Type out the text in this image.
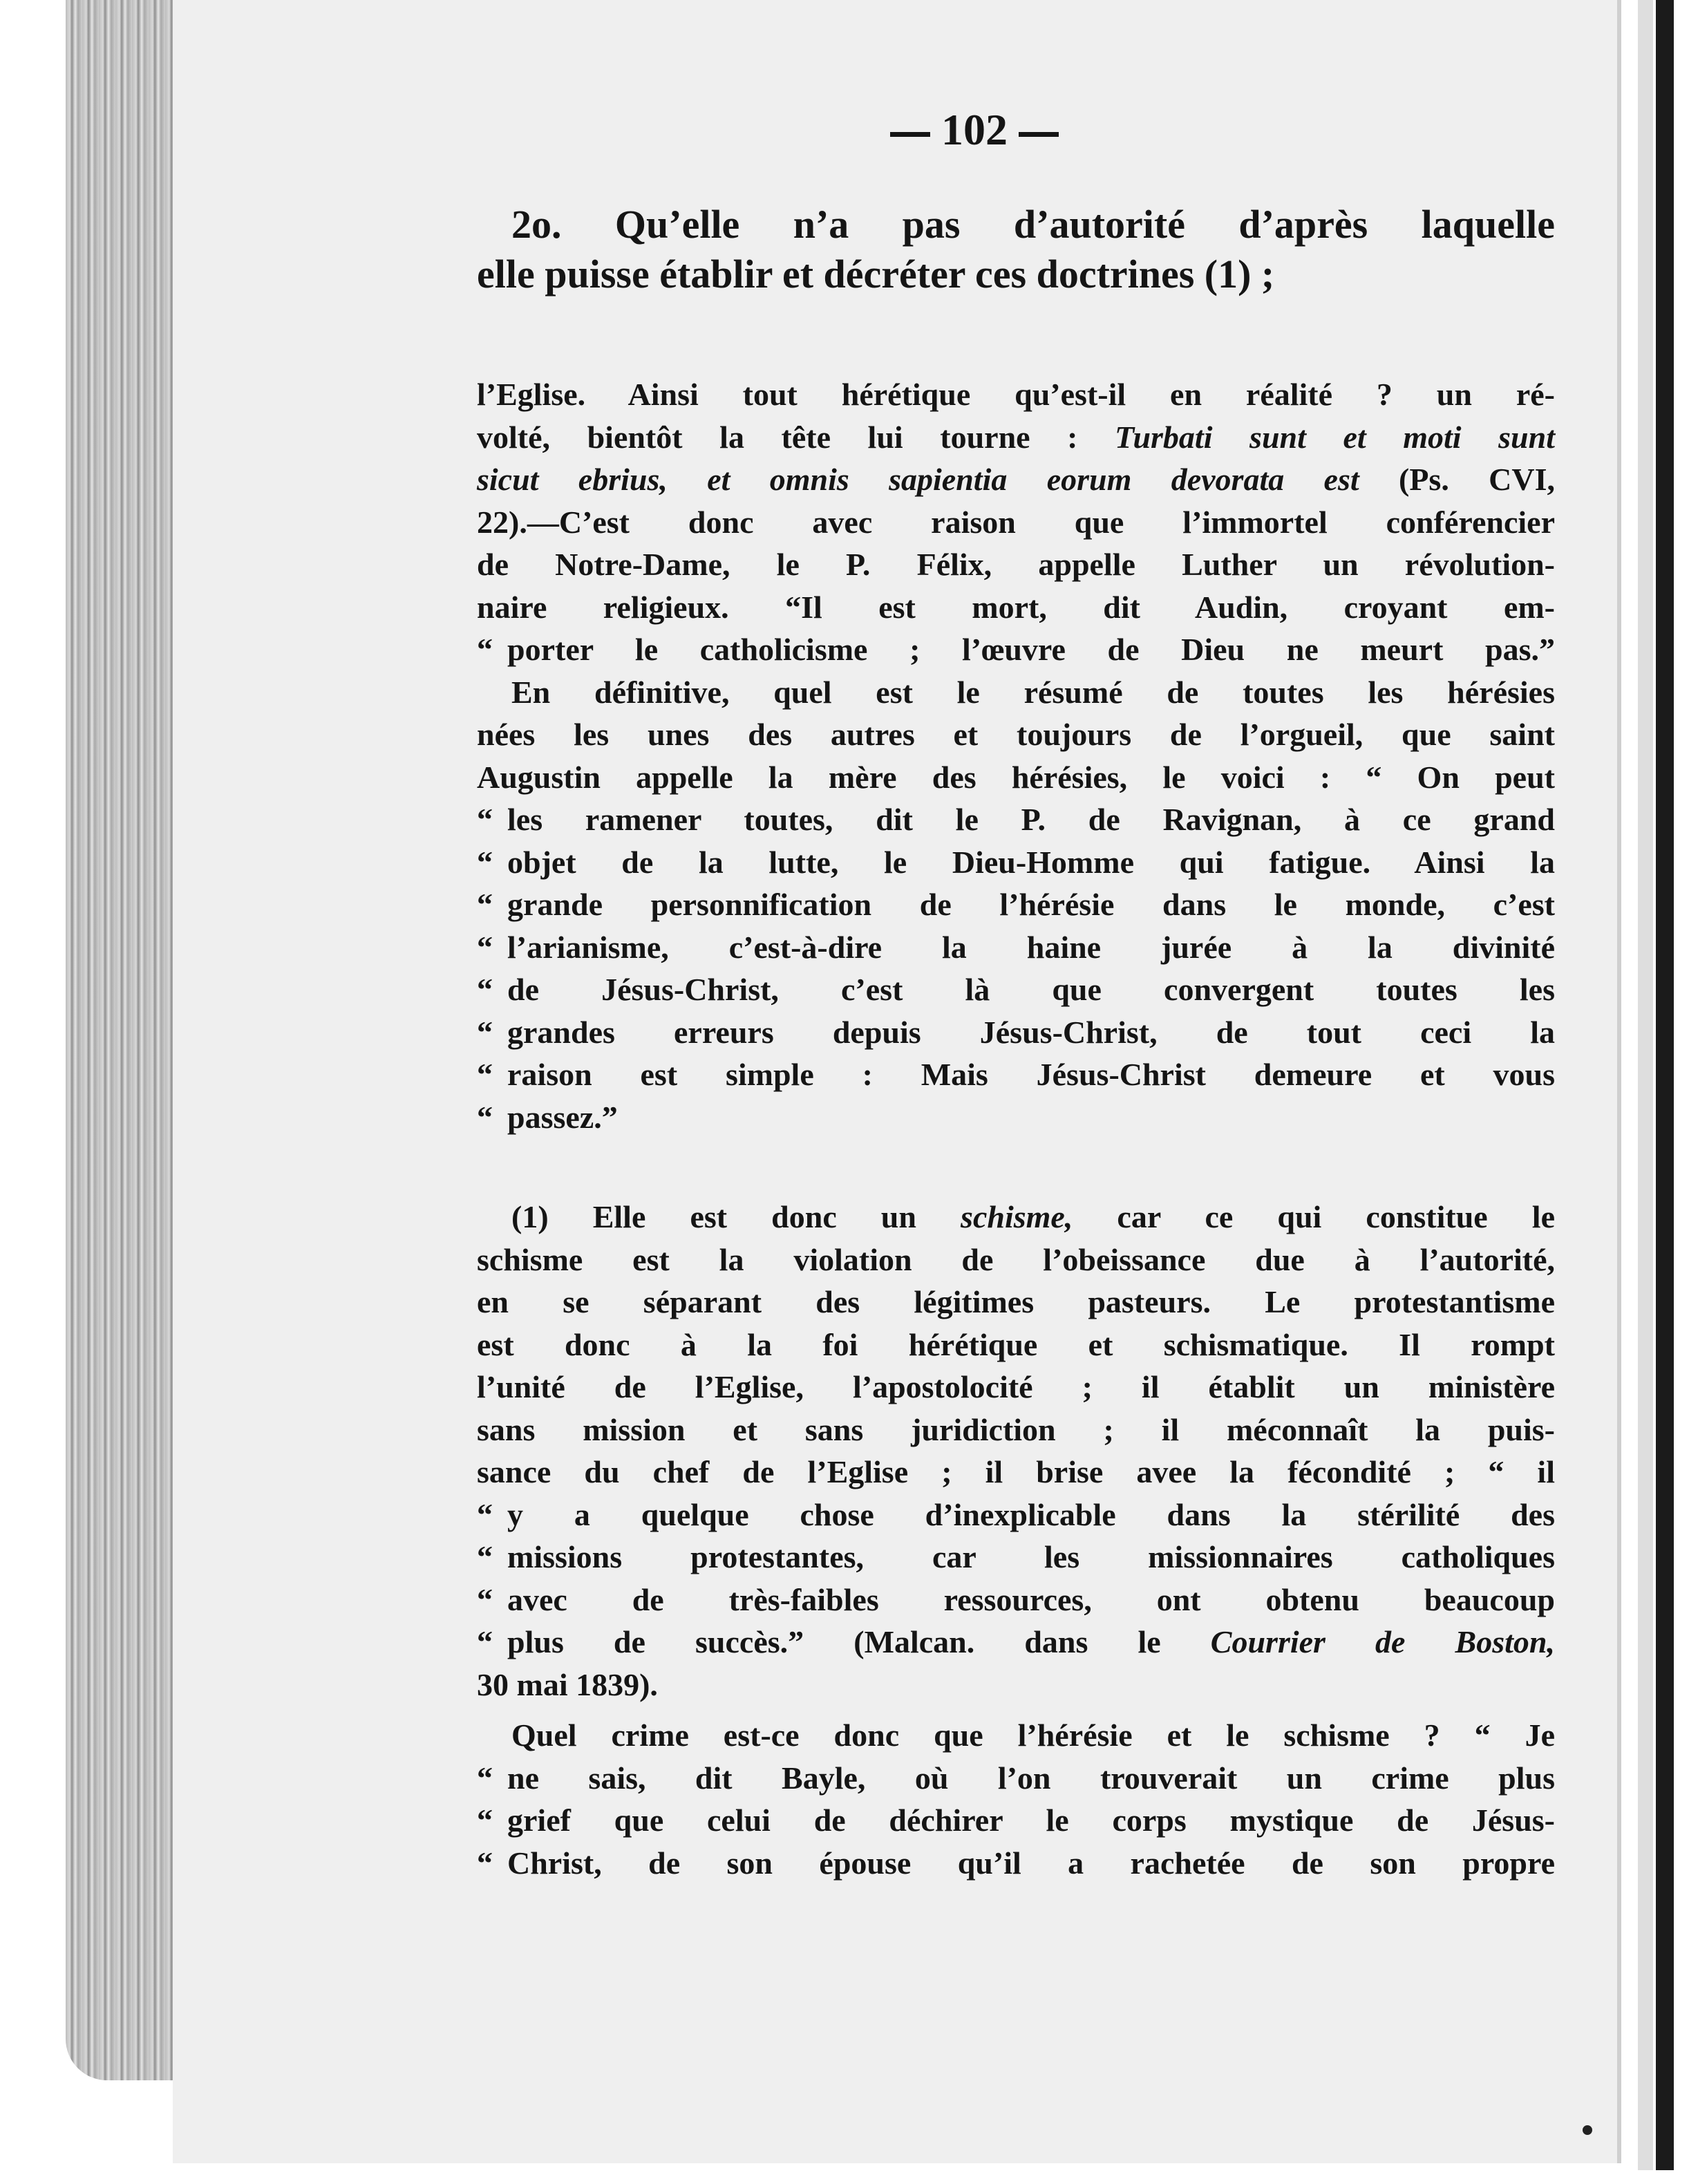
102
2o. Qu’elle n’a pas d’autorité d’après laquelle
elle puisse établir et décréter ces doctrines (1) ;
l’Eglise. Ainsi tout hérétique qu’est-il en réalité ? un ré-
volté, bientôt la tête lui tourne : Turbati sunt et moti sunt
sicut ebrius, et omnis sapientia eorum devorata est (Ps. CVI,
22).—C’est donc avec raison que l’immortel conférencier
de Notre-Dame, le P. Félix, appelle Luther un révolution-
naire religieux. “Il est mort, dit Audin, croyant em-
“ porter le catholicisme ; l’œuvre de Dieu ne meurt pas.”
En définitive, quel est le résumé de toutes les hérésies
nées les unes des autres et toujours de l’orgueil, que saint
Augustin appelle la mère des hérésies, le voici : “ On peut
“ les ramener toutes, dit le P. de Ravignan, à ce grand
“ objet de la lutte, le Dieu-Homme qui fatigue. Ainsi la
“ grande personnification de l’hérésie dans le monde, c’est
“ l’arianisme, c’est-à-dire la haine jurée à la divinité
“ de Jésus-Christ, c’est là que convergent toutes les
“ grandes erreurs depuis Jésus-Christ, de tout ceci la
“ raison est simple : Mais Jésus-Christ demeure et vous
“ passez.”
(1) Elle est donc un schisme, car ce qui constitue le
schisme est la violation de l’obeissance due à l’autorité,
en se séparant des légitimes pasteurs. Le protestantisme
est donc à la foi hérétique et schismatique. Il rompt
l’unité de l’Eglise, l’apostolocité ; il établit un ministère
sans mission et sans juridiction ; il méconnaît la puis-
sance du chef de l’Eglise ; il brise avee la fécondité ; “ il
“ y a quelque chose d’inexplicable dans la stérilité des
“ missions protestantes, car les missionnaires catholiques
“ avec de très-faibles ressources, ont obtenu beaucoup
“ plus de succès.” (Malcan. dans le Courrier de Boston,
30 mai 1839).
Quel crime est-ce donc que l’hérésie et le schisme ? “ Je
“ ne sais, dit Bayle, où l’on trouverait un crime plus
“ grief que celui de déchirer le corps mystique de Jésus-
“ Christ, de son épouse qu’il a rachetée de son propre
